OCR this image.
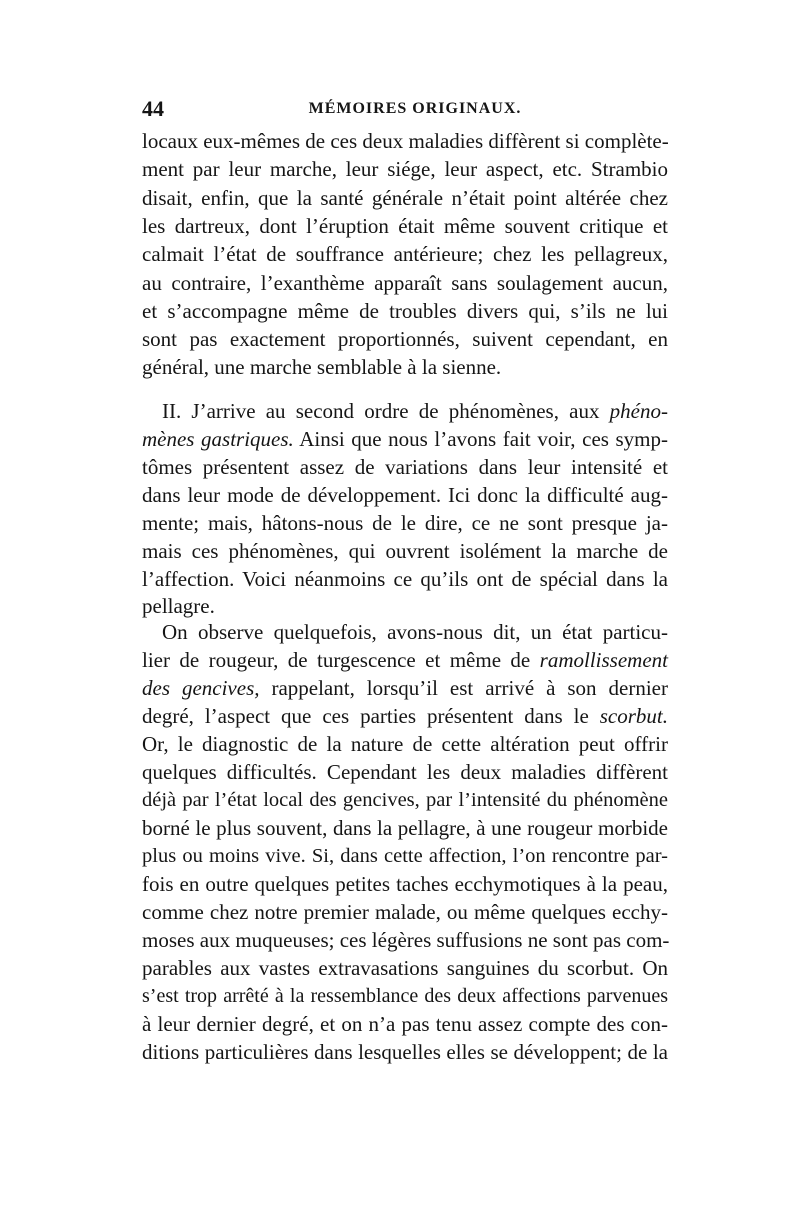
44	MÉMOIRES ORIGINAUX.
locaux eux-mêmes de ces deux maladies diffèrent si complète-
ment par leur marche, leur siége, leur aspect, etc. Strambio
disait, enfin, que la santé générale n’était point altérée chez
les dartreux, dont l’éruption était même souvent critique et
calmait l’état de souffrance antérieure; chez les pellagreux,
au contraire, l’exanthème apparaît sans soulagement aucun,
et s’accompagne même de troubles divers qui, s’ils ne lui
sont pas exactement proportionnés, suivent cependant, en
général, une marche semblable à la sienne.
II. J’arrive au second ordre de phénomènes, aux phéno-
mènes gastriques. Ainsi que nous l’avons fait voir, ces symp-
tômes présentent assez de variations dans leur intensité et
dans leur mode de développement. Ici donc la difficulté aug-
mente; mais, hâtons-nous de le dire, ce ne sont presque ja-
mais ces phénomènes, qui ouvrent isolément la marche de
l’affection. Voici néanmoins ce qu’ils ont de spécial dans la
pellagre.
On observe quelquefois, avons-nous dit, un état particu-
lier de rougeur, de turgescence et même de ramollissement
des gencives, rappelant, lorsqu’il est arrivé à son dernier
degré, l’aspect que ces parties présentent dans le scorbut.
Or, le diagnostic de la nature de cette altération peut offrir
quelques difficultés. Cependant les deux maladies diffèrent
déjà par l’état local des gencives, par l’intensité du phénomène
borné le plus souvent, dans la pellagre, à une rougeur morbide
plus ou moins vive. Si, dans cette affection, l’on rencontre par-
fois en outre quelques petites taches ecchymotiques à la peau,
comme chez notre premier malade, ou même quelques ecchy-
moses aux muqueuses; ces légères suffusions ne sont pas com-
parables aux vastes extravasations sanguines du scorbut. On
s’est trop arrêté à la ressemblance des deux affections parvenues
à leur dernier degré, et on n’a pas tenu assez compte des con-
ditions particulières dans lesquelles elles se développent; de la
